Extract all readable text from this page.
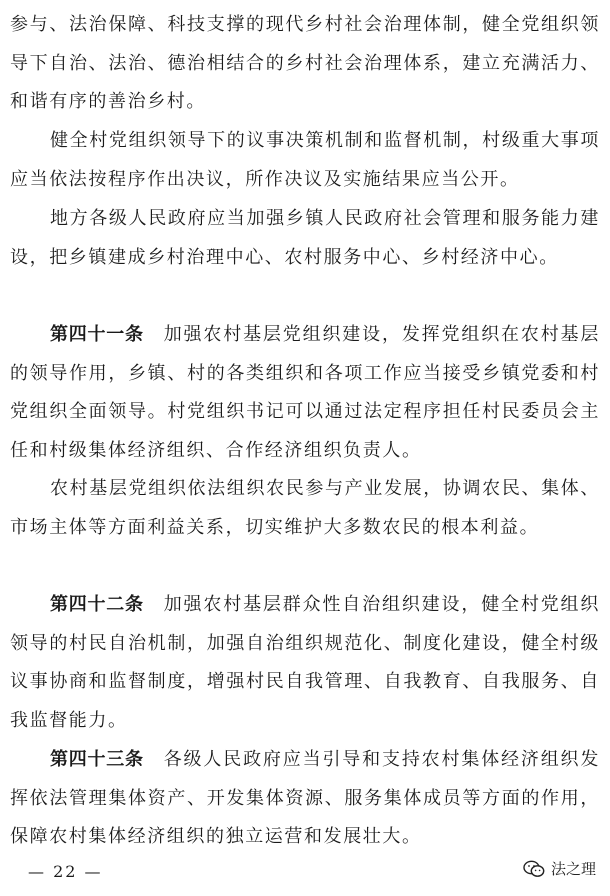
参与、法治保障、科技支撑的现代乡村社会治理体制，健全党组织领导下自治、法治、德治相结合的乡村社会治理体系，建立充满活力、和谐有序的善治乡村。

健全村党组织领导下的议事决策机制和监督机制，村级重大事项应当依法按程序作出决议，所作决议及实施结果应当公开。

地方各级人民政府应当加强乡镇人民政府社会管理和服务能力建设，把乡镇建成乡村治理中心、农村服务中心、乡村经济中心。

第四十一条 加强农村基层党组织建设，发挥党组织在农村基层的领导作用，乡镇、村的各类组织和各项工作应当接受乡镇党委和村党组织全面领导。村党组织书记可以通过法定程序担任村民委员会主任和村级集体经济组织、合作经济组织负责人。

农村基层党组织依法组织农民参与产业发展，协调农民、集体、市场主体等方面利益关系，切实维护大多数农民的根本利益。

第四十二条 加强农村基层群众性自治组织建设，健全村党组织领导的村民自治机制，加强自治组织规范化、制度化建设，健全村级议事协商和监督制度，增强村民自我管理、自我教育、自我服务、自我监督能力。

第四十三条 各级人民政府应当引导和支持农村集体经济组织发挥依法管理集体资产、开发集体资源、服务集体成员等方面的作用，保障农村集体经济组织的独立运营和发展壮大。

— 22 —	法之理
